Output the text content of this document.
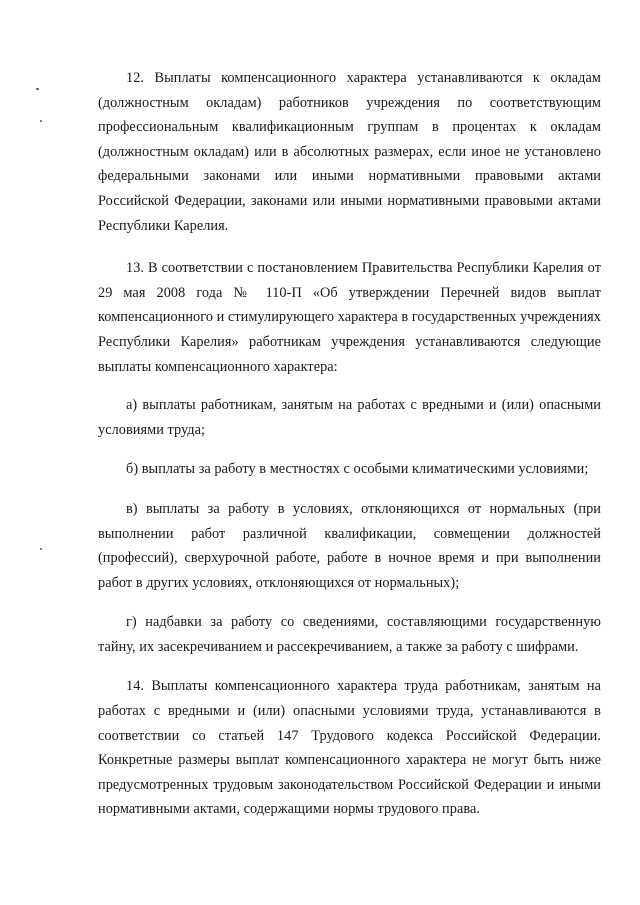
12. Выплаты компенсационного характера устанавливаются к окладам (должностным окладам) работников учреждения по соответствующим профессиональным квалификационным группам в процентах к окладам (должностным окладам) или в абсолютных размерах, если иное не установлено федеральными законами или иными нормативными правовыми актами Российской Федерации, законами или иными нормативными правовыми актами Республики Карелия.

13. В соответствии с постановлением Правительства Республики Карелия от 29 мая 2008 года № 110-П «Об утверждении Перечней видов выплат компенсационного и стимулирующего характера в государственных учреждениях Республики Карелия» работникам учреждения устанавливаются следующие выплаты компенсационного характера:

а) выплаты работникам, занятым на работах с вредными и (или) опасными условиями труда;

б) выплаты за работу в местностях с особыми климатическими условиями;

в) выплаты за работу в условиях, отклоняющихся от нормальных (при выполнении работ различной квалификации, совмещении должностей (профессий), сверхурочной работе, работе в ночное время и при выполнении работ в других условиях, отклоняющихся от нормальных);

г) надбавки за работу со сведениями, составляющими государственную тайну, их засекречиванием и рассекречиванием, а также за работу с шифрами.

14. Выплаты компенсационного характера труда работникам, занятым на работах с вредными и (или) опасными условиями труда, устанавливаются в соответствии со статьей 147 Трудового кодекса Российской Федерации. Конкретные размеры выплат компенсационного характера не могут быть ниже предусмотренных трудовым законодательством Российской Федерации и иными нормативными актами, содержащими нормы трудового права.
